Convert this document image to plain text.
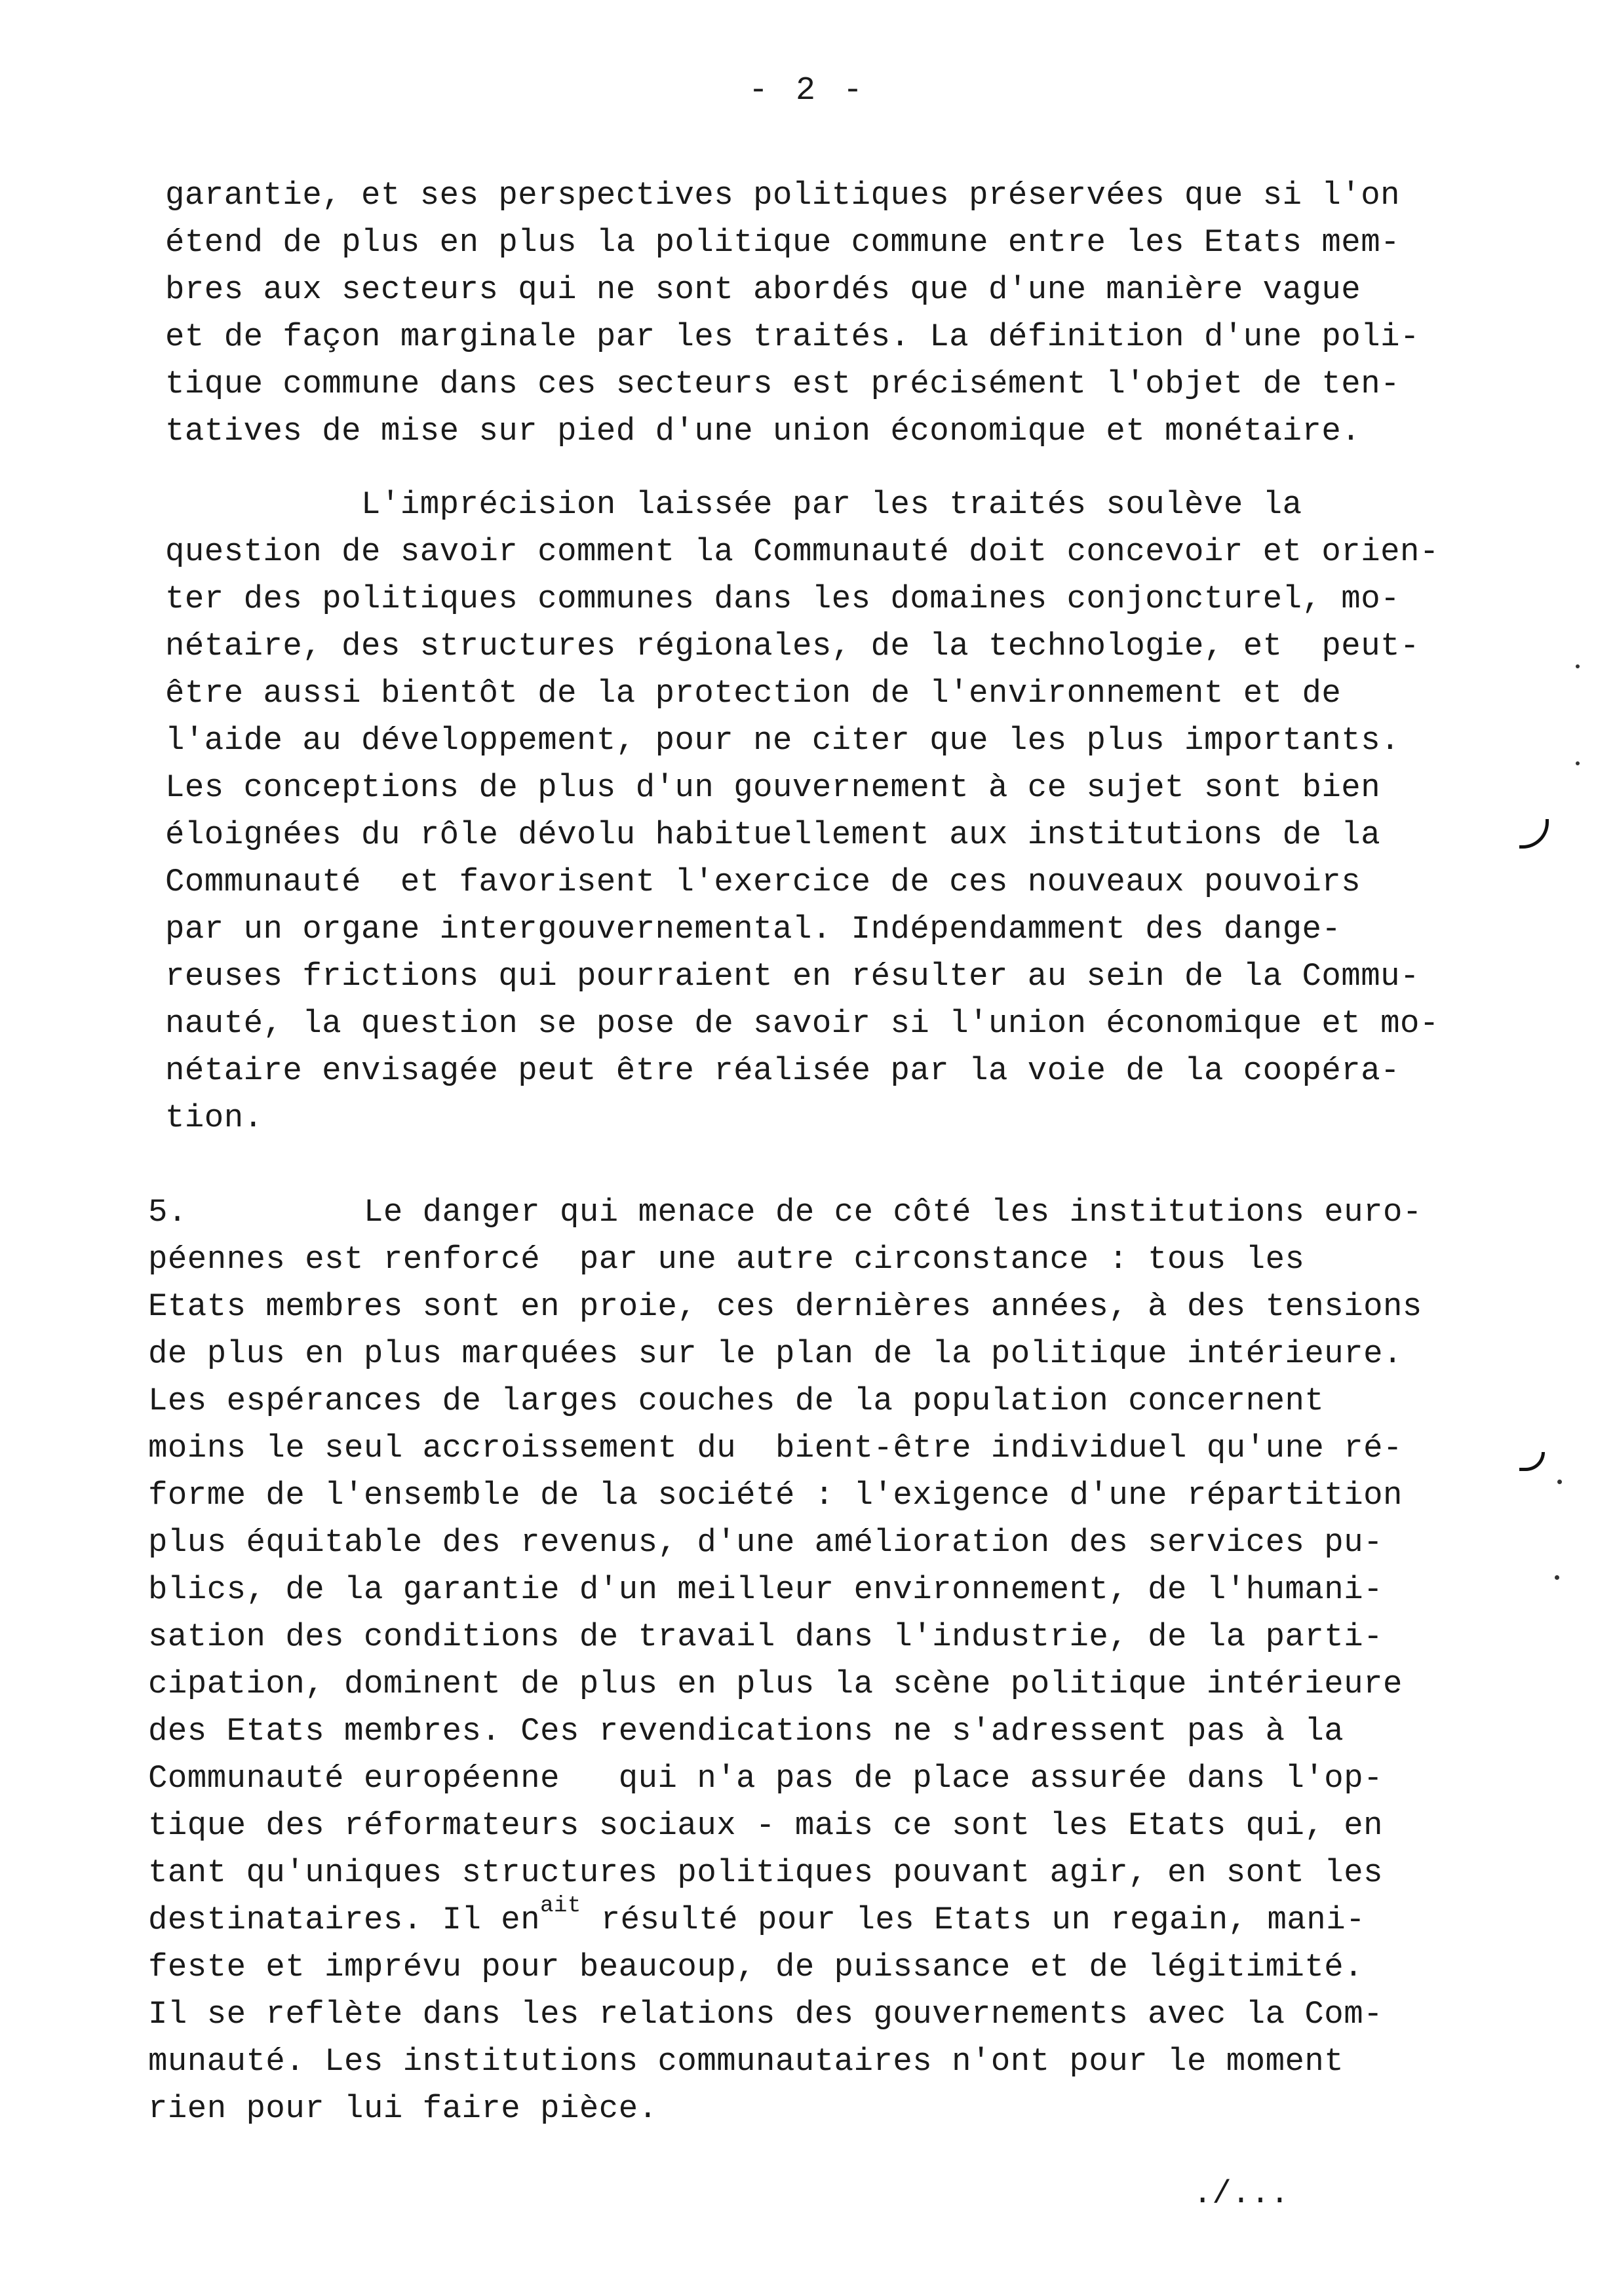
- 2 -

garantie, et ses perspectives politiques préservées que si l'on

étend de plus en plus la politique commune entre les Etats mem-

bres aux secteurs qui ne sont abordés que d'une manière vague

et de façon marginale par les traités. La définition d'une poli-

tique commune dans ces secteurs est précisément l'objet de ten-

tatives de mise sur pied d'une union économique et monétaire.

L'imprécision laissée par les traités soulève la

question de savoir comment la Communauté doit concevoir et orien-

ter des politiques communes dans les domaines conjoncturel, mo-

nétaire, des structures régionales, de la technologie, et  peut-

être aussi bientôt de la protection de l'environnement et de

l'aide au développement, pour ne citer que les plus importants.

Les conceptions de plus d'un gouvernement à ce sujet sont bien

éloignées du rôle dévolu habituellement aux institutions de la

Communauté  et favorisent l'exercice de ces nouveaux pouvoirs

par un organe intergouvernemental. Indépendamment des dange-

reuses frictions qui pourraient en résulter au sein de la Commu-

nauté, la question se pose de savoir si l'union économique et mo-

nétaire envisagée peut être réalisée par la voie de la coopéra-

tion.

5.         Le danger qui menace de ce côté les institutions euro-

péennes est renforcé  par une autre circonstance : tous les

Etats membres sont en proie, ces dernières années, à des tensions

de plus en plus marquées sur le plan de la politique intérieure.

Les espérances de larges couches de la population concernent

moins le seul accroissement du  bient-être individuel qu'une ré-

forme de l'ensemble de la société : l'exigence d'une répartition

plus équitable des revenus, d'une amélioration des services pu-

blics, de la garantie d'un meilleur environnement, de l'humani-

sation des conditions de travail dans l'industrie, de la parti-

cipation, dominent de plus en plus la scène politique intérieure

des Etats membres. Ces revendications ne s'adressent pas à la

Communauté européenne   qui n'a pas de place assurée dans l'op-

tique des réformateurs sociaux - mais ce sont les Etats qui, en

tant qu'uniques structures politiques pouvant agir, en sont les

destinataires. Il $en^{ait}$ résulté pour les Etats un regain, mani-

feste et imprévu pour beaucoup, de puissance et de légitimité.

Il se reflète dans les relations des gouvernements avec la Com-

munauté. Les institutions communautaires n'ont pour le moment

rien pour lui faire pièce.

./...
